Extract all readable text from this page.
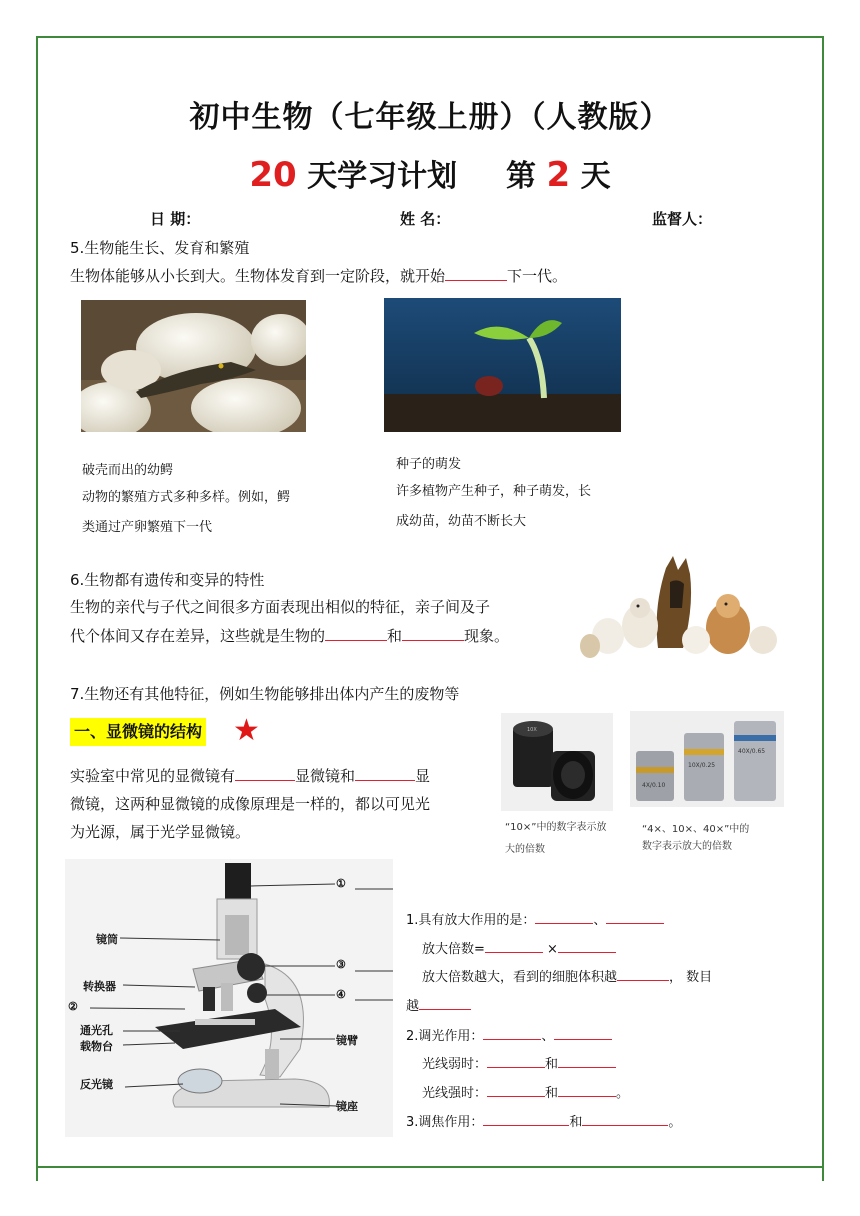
初中生物（七年级上册）（人教版）
20 天学习计划 第 2 天
日 期：	姓 名：	监督人：
5.生物能生长、发育和繁殖
生物体能够从小长到大。生物体发育到一定阶段，就开始	下一代。
破壳而出的幼鳄
动物的繁殖方式多种多样。例如，鳄
类通过产卵繁殖下一代
种子的萌发
许多植物产生种子，种子萌发，长
成幼苗，幼苗不断长大
6.生物都有遗传和变异的特性
生物的亲代与子代之间很多方面表现出相似的特征，亲子间及子
代个体间又存在差异，这些就是生物的	和	现象。
7.生物还有其他特征，例如生物能够排出体内产生的废物等
一、显微镜的结构 ★
实验室中常见的显微镜有	显微镜和	显
微镜，这两种显微镜的成像原理是一样的，都以可见光
为光源，属于光学显微镜。
10X
“10×”中的数字表示放
大的倍数
4X/0.10
10X/0.25
40X/0.65
“4×、10×、40×”中的
数字表示放大的倍数
镜筒
转换器
②
通光孔
载物台
反光镜
镜臂
镜座
①
③
④
1.具有放大作用的是：	、
放大倍数=	×
放大倍数越大，看到的细胞体积越	， 数目
越
2.调光作用：	、
光线弱时：	和
光线强时：	和	。
3.调焦作用：	和	。
